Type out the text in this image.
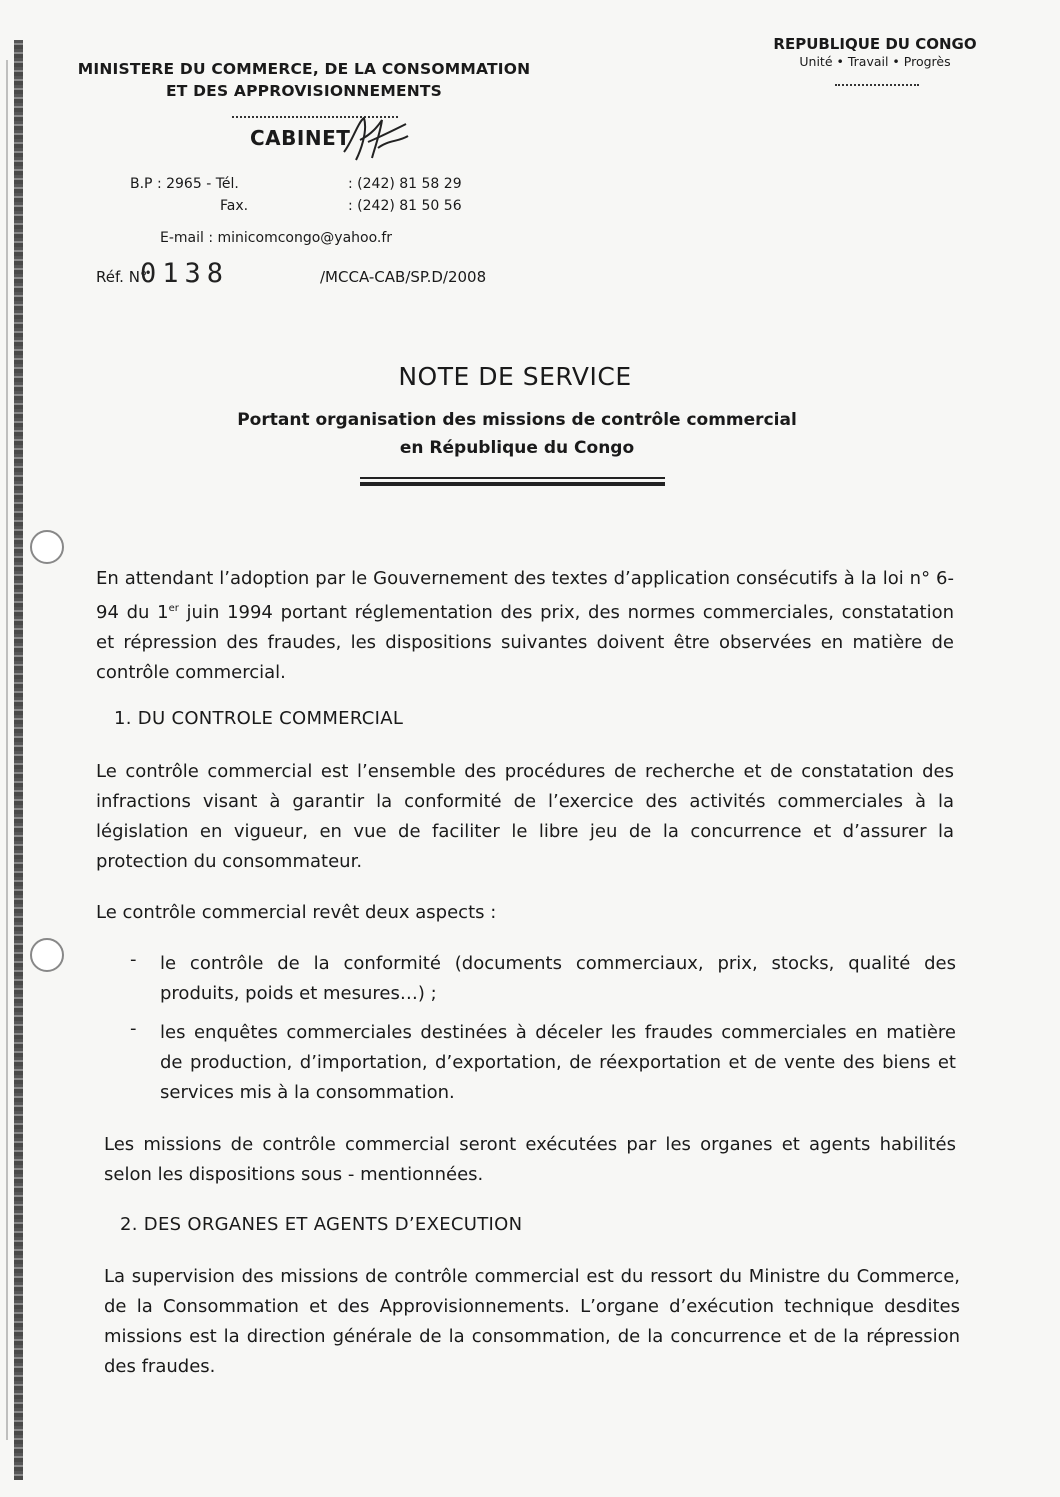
MINISTERE DU COMMERCE, DE LA CONSOMMATION
ET DES APPROVISIONNEMENTS
REPUBLIQUE DU CONGO
Unité • Travail • Progrès
CABINET
B.P : 2965 - Tél.	: (242) 81 58 29
Fax.	: (242) 81 50 56
E-mail : minicomcongo@yahoo.fr
Réf. N°
0138	/MCCA-CAB/SP.D/2008
NOTE DE SERVICE
Portant organisation des missions de contrôle commercial
en République du Congo
En attendant l’adoption par le Gouvernement des textes d’application consécutifs à la loi n° 6-94 du 1er juin 1994 portant réglementation des prix, des normes commerciales, constatation et répression des fraudes, les dispositions suivantes doivent être observées en matière de contrôle commercial.
1. DU CONTROLE COMMERCIAL
Le contrôle commercial est l’ensemble des procédures de recherche et de constatation des infractions visant à garantir la conformité de l’exercice des activités commerciales à la législation en vigueur, en vue de faciliter le libre jeu de la concurrence et d’assurer la protection du consommateur.
Le contrôle commercial revêt deux aspects :
- le contrôle de la conformité (documents commerciaux, prix, stocks, qualité des produits, poids et mesures…) ;
- les enquêtes commerciales destinées à déceler les fraudes commerciales en matière de production, d’importation, d’exportation, de réexportation et de vente des biens et services mis à la consommation.
Les missions de contrôle commercial seront exécutées par les organes et agents habilités selon les dispositions sous - mentionnées.
2. DES ORGANES ET AGENTS D’EXECUTION
La supervision des missions de contrôle commercial est du ressort du Ministre du Commerce, de la Consommation et des Approvisionnements. L’organe d’exécution technique desdites missions est la direction générale de la consommation, de la concurrence et de la répression des fraudes.
